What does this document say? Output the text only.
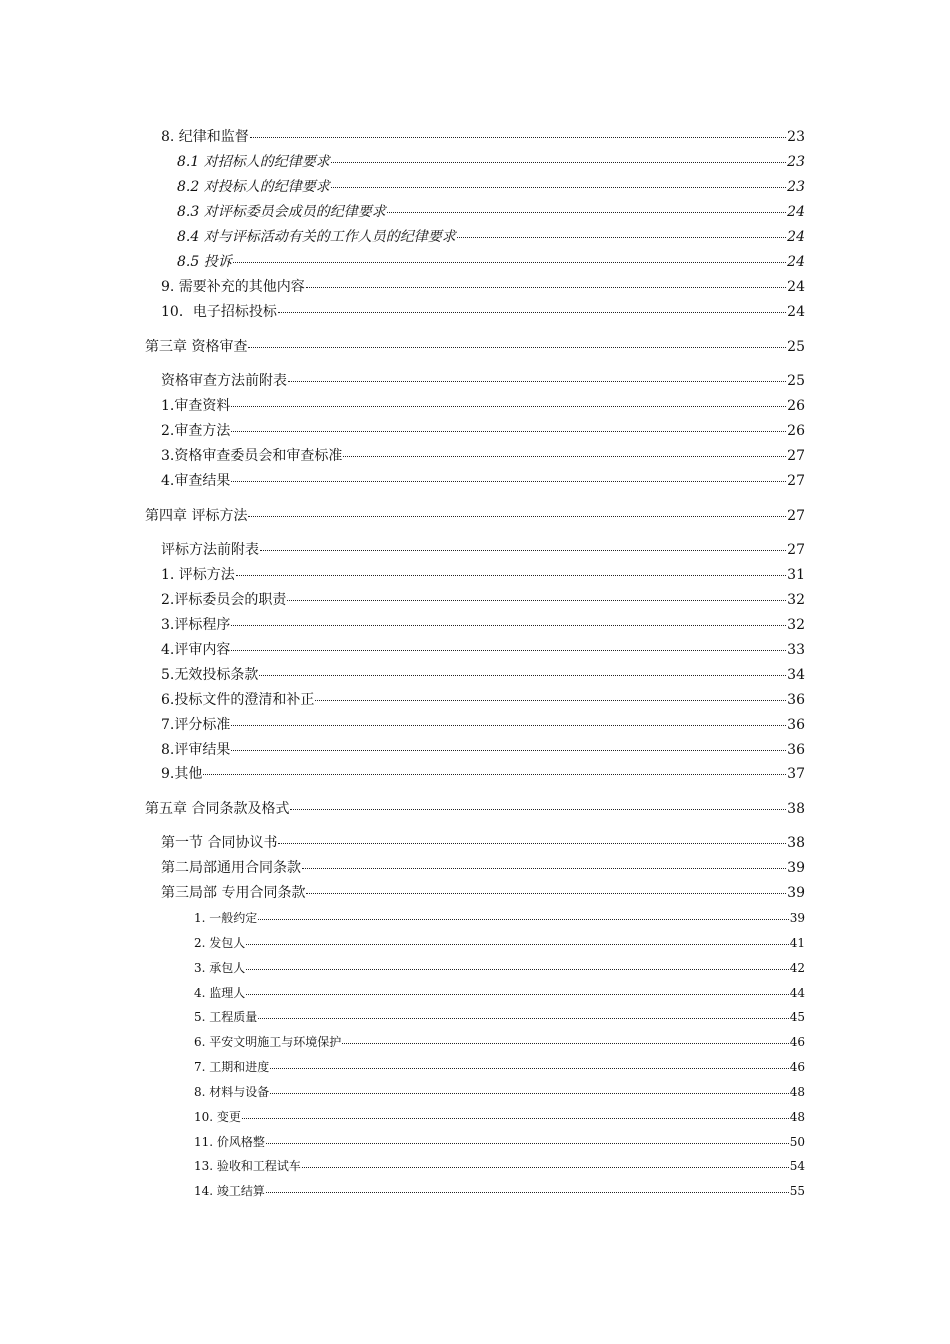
8. 纪律和监督	23
8.1 对招标人的纪律要求	23
8.2 对投标人的纪律要求	23
8.3 对评标委员会成员的纪律要求	24
8.4 对与评标活动有关的工作人员的纪律要求	24
8.5 投诉	24
9. 需要补充的其他内容	24
10．电子招标投标	24
第三章 资格审查	25
资格审查方法前附表	25
1.审查资料	26
2.审查方法	26
3.资格审查委员会和审查标准	27
4.审查结果	27
第四章 评标方法	27
评标方法前附表	27
1. 评标方法	31
2.评标委员会的职责	32
3.评标程序	32
4.评审内容	33
5.无效投标条款	34
6.投标文件的澄清和补正	36
7.评分标准	36
8.评审结果	36
9.其他	37
第五章 合同条款及格式	38
第一节 合同协议书	38
第二局部通用合同条款	39
第三局部 专用合同条款	39
1. 一般约定	39
2. 发包人	41
3. 承包人	42
4. 监理人	44
5. 工程质量	45
6. 平安文明施工与环境保护	46
7. 工期和进度	46
8. 材料与设备	48
10. 变更	48
11. 价风格整	50
13. 验收和工程试车	54
14. 竣工结算	55
